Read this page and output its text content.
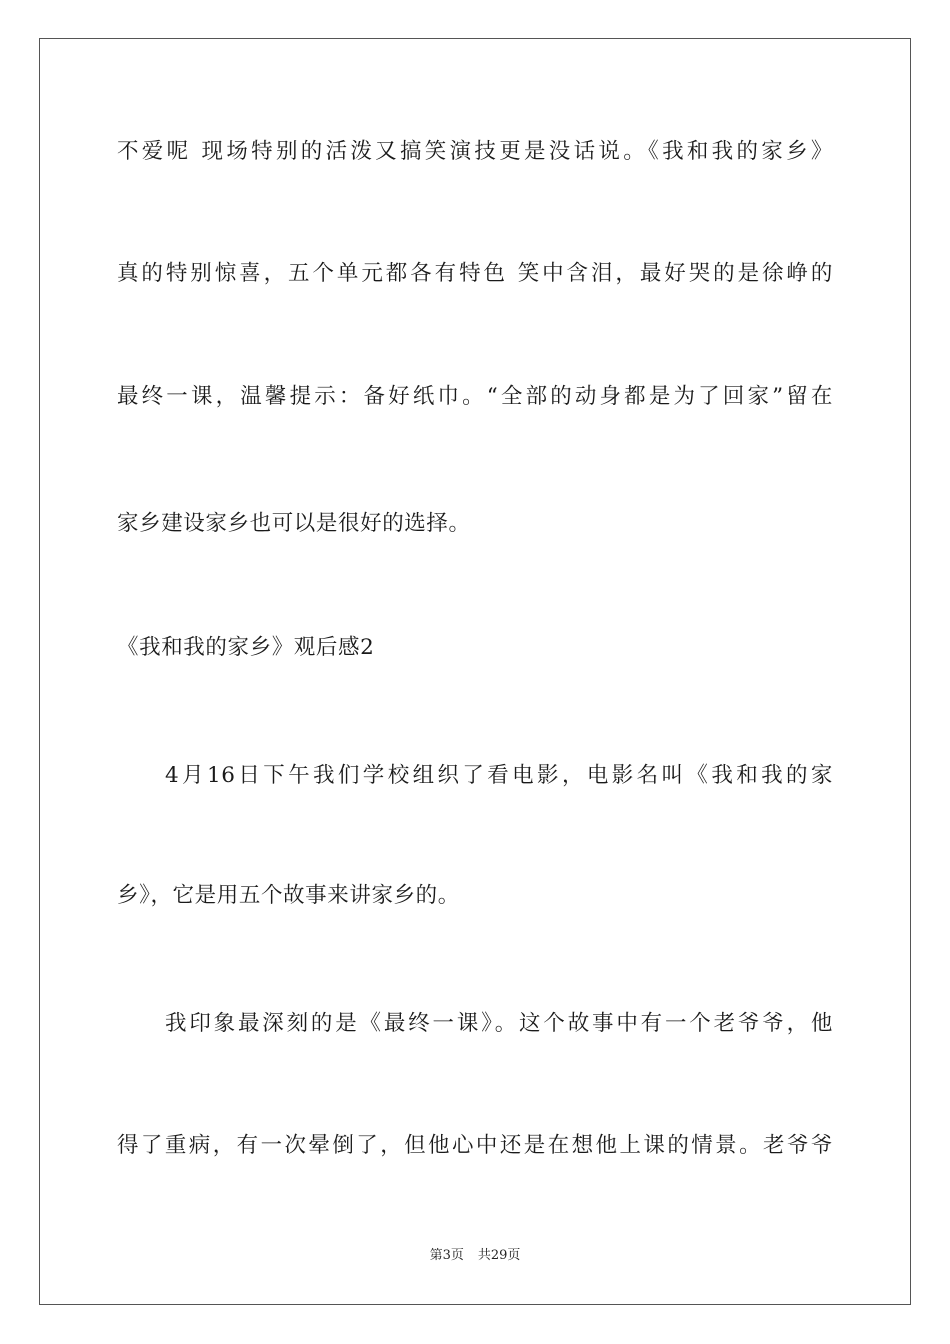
不爱呢 现场特别的活泼又搞笑演技更是没话说。《我和我的家乡》
真的特别惊喜，五个单元都各有特色 笑中含泪，最好哭的是徐峥的
最终一课，温馨提示：备好纸巾。“全部的动身都是为了回家”留在
家乡建设家乡也可以是很好的选择。
《我和我的家乡》观后感2
4月16日下午我们学校组织了看电影，电影名叫《我和我的家
乡》，它是用五个故事来讲家乡的。
我印象最深刻的是《最终一课》。这个故事中有一个老爷爷，他
得了重病，有一次晕倒了，但他心中还是在想他上课的情景。老爷爷
第3页 共29页
